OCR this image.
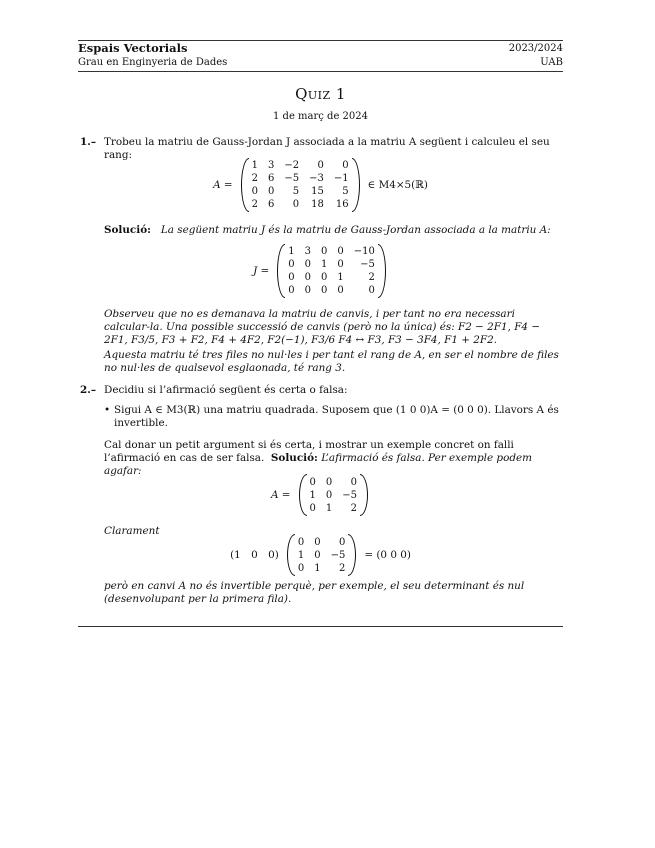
Espais Vectorials	2023/2024
Grau en Enginyeria de Dades	UAB
Quiz 1
1 de març de 2024
1.– Trobeu la matriu de Gauss-Jordan J associada a la matriu A següent i calculeu el seu rang:
A =
1	3	−2	0	0
2	6	−5	−3	−1
0	0	5	15	5
2	6	0	18	16
∈ M4×5(ℝ)
Solució: La següent matriu J és la matriu de Gauss-Jordan associada a la matriu A:
J =
1	3	0	0	−10
0	0	1	0	−5
0	0	0	1	2
0	0	0	0	0
Observeu que no es demanava la matriu de canvis, i per tant no era necessari calcular-la. Una possible successió de canvis (però no la única) és: F2 − 2F1, F4 − 2F1, F3/5, F3 + F2, F4 + 4F2, F2(−1), F3/6 F4 ↔ F3, F3 − 3F4, F1 + 2F2.
Aquesta matriu té tres files no nul·les i per tant el rang de A, en ser el nombre de files no nul·les de qualsevol esglaonada, té rang 3.
2.– Decidiu si l’afirmació següent és certa o falsa:
• Sigui A ∈ M3(ℝ) una matriu quadrada. Suposem que (1 0 0)A = (0 0 0). Llavors A és invertible.
Cal donar un petit argument si és certa, i mostrar un exemple concret on falli l’afirmació en cas de ser falsa. Solució: L’afirmació és falsa. Per exemple podem agafar:
A =
0	0	0
1	0	−5
0	1	2
Clarament
(1 0 0)
0	0	0
1	0	−5
0	1	2
= (0 0 0)
però en canvi A no és invertible perquè, per exemple, el seu determinant és nul (desenvolupant per la primera fila).
